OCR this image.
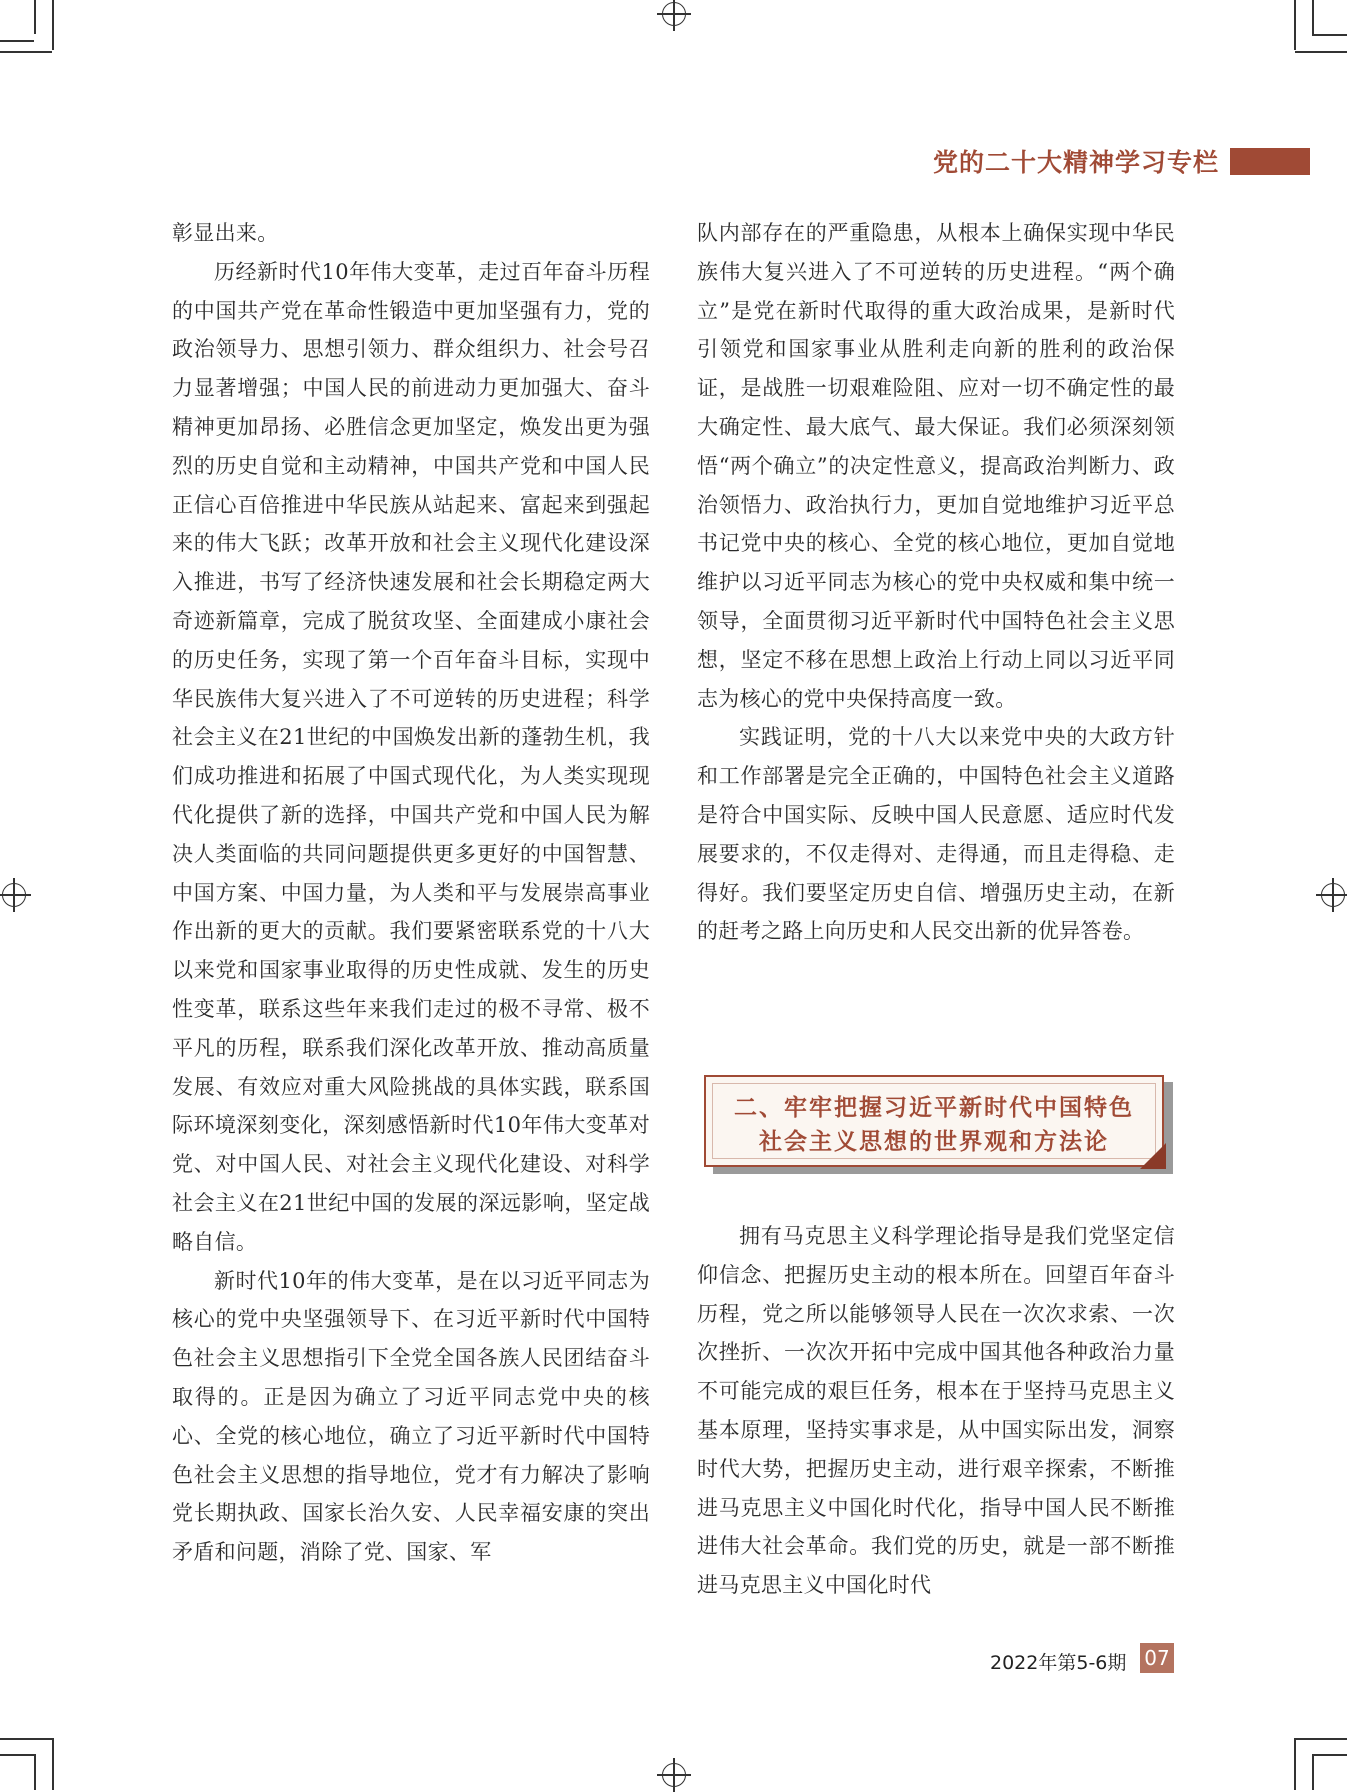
党的二十大精神学习专栏

彰显出来。

历经新时代10年伟大变革，走过百年奋斗历程的中国共产党在革命性锻造中更加坚强有力，党的政治领导力、思想引领力、群众组织力、社会号召力显著增强；中国人民的前进动力更加强大、奋斗精神更加昂扬、必胜信念更加坚定，焕发出更为强烈的历史自觉和主动精神，中国共产党和中国人民正信心百倍推进中华民族从站起来、富起来到强起来的伟大飞跃；改革开放和社会主义现代化建设深入推进，书写了经济快速发展和社会长期稳定两大奇迹新篇章，完成了脱贫攻坚、全面建成小康社会的历史任务，实现了第一个百年奋斗目标，实现中华民族伟大复兴进入了不可逆转的历史进程；科学社会主义在21世纪的中国焕发出新的蓬勃生机，我们成功推进和拓展了中国式现代化，为人类实现现代化提供了新的选择，中国共产党和中国人民为解决人类面临的共同问题提供更多更好的中国智慧、中国方案、中国力量，为人类和平与发展崇高事业作出新的更大的贡献。我们要紧密联系党的十八大以来党和国家事业取得的历史性成就、发生的历史性变革，联系这些年来我们走过的极不寻常、极不平凡的历程，联系我们深化改革开放、推动高质量发展、有效应对重大风险挑战的具体实践，联系国际环境深刻变化，深刻感悟新时代10年伟大变革对党、对中国人民、对社会主义现代化建设、对科学社会主义在21世纪中国的发展的深远影响，坚定战略自信。

新时代10年的伟大变革，是在以习近平同志为核心的党中央坚强领导下、在习近平新时代中国特色社会主义思想指引下全党全国各族人民团结奋斗取得的。正是因为确立了习近平同志党中央的核心、全党的核心地位，确立了习近平新时代中国特色社会主义思想的指导地位，党才有力解决了影响党长期执政、国家长治久安、人民幸福安康的突出矛盾和问题，消除了党、国家、军

队内部存在的严重隐患，从根本上确保实现中华民族伟大复兴进入了不可逆转的历史进程。“两个确立”是党在新时代取得的重大政治成果，是新时代引领党和国家事业从胜利走向新的胜利的政治保证，是战胜一切艰难险阻、应对一切不确定性的最大确定性、最大底气、最大保证。我们必须深刻领悟“两个确立”的决定性意义，提高政治判断力、政治领悟力、政治执行力，更加自觉地维护习近平总书记党中央的核心、全党的核心地位，更加自觉地维护以习近平同志为核心的党中央权威和集中统一领导，全面贯彻习近平新时代中国特色社会主义思想，坚定不移在思想上政治上行动上同以习近平同志为核心的党中央保持高度一致。

实践证明，党的十八大以来党中央的大政方针和工作部署是完全正确的，中国特色社会主义道路是符合中国实际、反映中国人民意愿、适应时代发展要求的，不仅走得对、走得通，而且走得稳、走得好。我们要坚定历史自信、增强历史主动，在新的赶考之路上向历史和人民交出新的优异答卷。

二、牢牢把握习近平新时代中国特色
社会主义思想的世界观和方法论

拥有马克思主义科学理论指导是我们党坚定信仰信念、把握历史主动的根本所在。回望百年奋斗历程，党之所以能够领导人民在一次次求索、一次次挫折、一次次开拓中完成中国其他各种政治力量不可能完成的艰巨任务，根本在于坚持马克思主义基本原理，坚持实事求是，从中国实际出发，洞察时代大势，把握历史主动，进行艰辛探索，不断推进马克思主义中国化时代化，指导中国人民不断推进伟大社会革命。我们党的历史，就是一部不断推进马克思主义中国化时代

2022年第5-6期 07
